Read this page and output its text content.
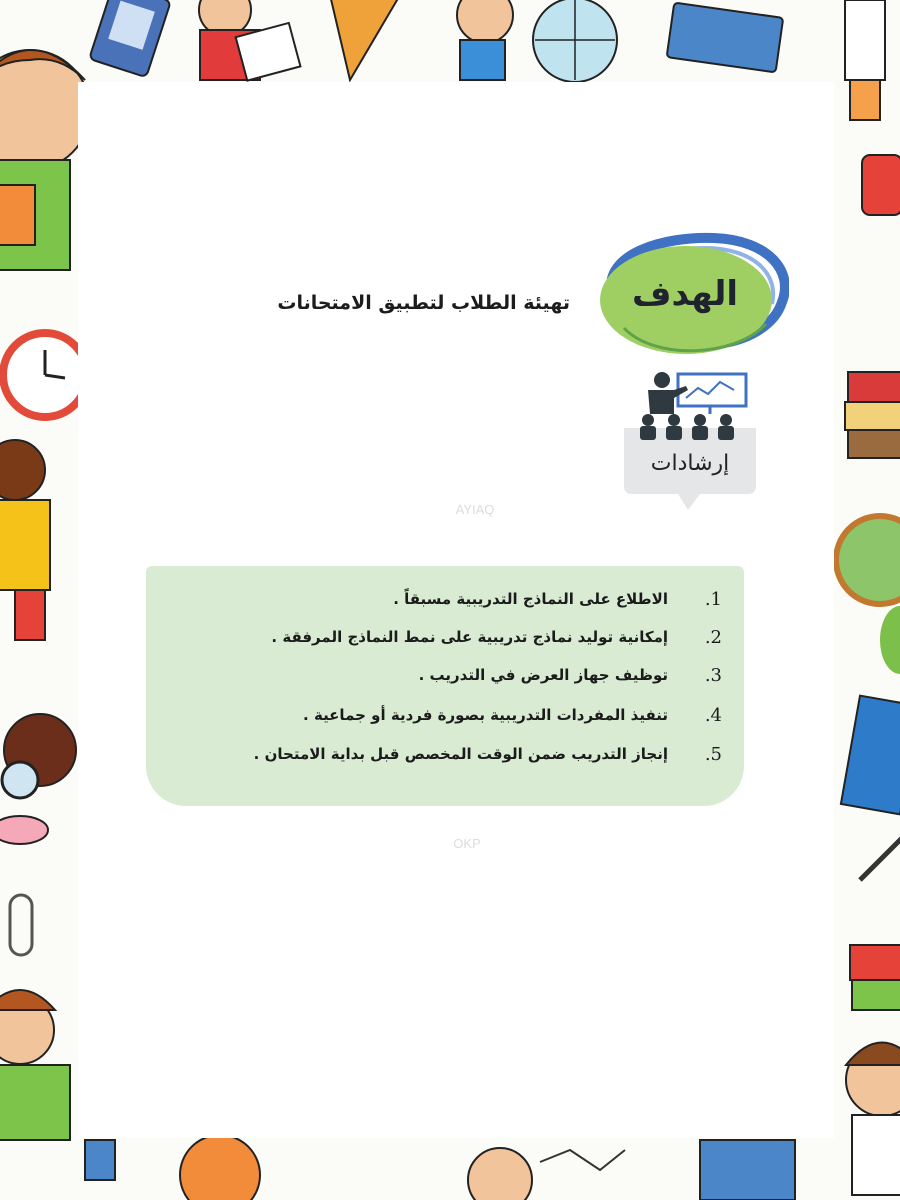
الهدف
تهيئة الطلاب لتطبيق الامتحانات
إرشادات
AYIAQ
OKP
.1
الاطلاع على النماذج التدريبية مسبقاً .
.2
إمكانية توليد نماذج تدريبية على نمط النماذج المرفقة .
.3
توظيف جهاز العرض في التدريب .
.4
تنفيذ المفردات التدريبية بصورة فردية أو جماعية .
.5
إنجاز التدريب ضمن الوقت المخصص قبل بداية الامتحان .
